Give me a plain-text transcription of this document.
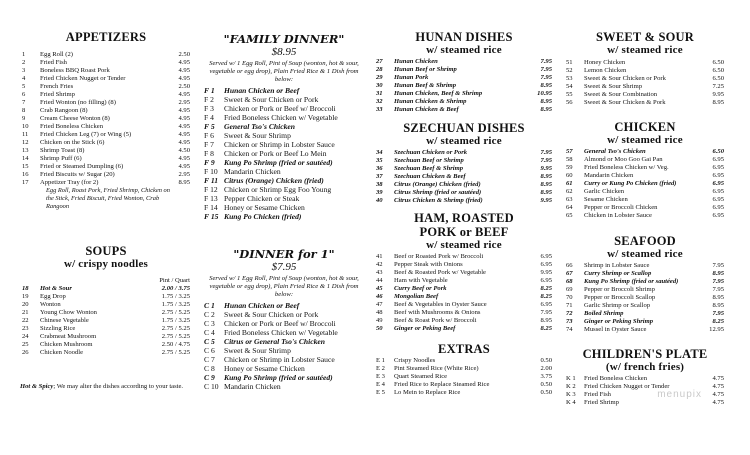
APPETIZERS
1	Egg Roll (2)	2.50
2	Fried Fish	4.95
3	Boneless BBQ Roast Pork	4.95
4	Fried Chicken Nugget or Tender	4.95
5	French Fries	2.50
6	Fried Shrimp	4.95
7	Fried Wonton (no filling) (8)	2.95
8	Crab Rangoon (8)	4.95
9	Cream Cheese Wonton (8)	4.95
10	Fried Boneless Chicken	4.95
11	Fried Chicken Leg (7) or Wing (5)	4.95
12	Chicken on the Stick (6)	4.95
13	Shrimp Toast (8)	4.50
14	Shrimp Puff (6)	4.95
15	Fried or Steamed Dumpling (6)	4.95
16	Fried Biscuits w/ Sugar (20)	2.95
17	Appetizer Tray (for 2)	8.95
Egg Roll, Roast Pork, Fried Shrimp, Chicken on the Stick, Fried Biscuit, Fried Wonton, Crab Rangoon
SOUPS
w/ crispy noodles
Pint / Quart
18	Hot & Sour	2.00 / 3.75
19	Egg Drop	1.75 / 3.25
20	Wonton	1.75 / 3.25
21	Young Chow Wonton	2.75 / 5.25
22	Chinese Vegetable	1.75 / 3.25
23	Sizzling Rice	2.75 / 5.25
24	Crabmeat Mushroom	2.75 / 5.25
25	Chicken Mushroom	2.50 / 4.75
26	Chicken Noodle	2.75 / 5.25
Hot & Spicy ; We may alter the dishes according to your taste.
"FAMILY DINNER"
$8.95
Served w/ 1 Egg Roll, Pint of Soup (wonton, hot & sour, vegetable or egg drop), Plain Fried Rice & 1 Dish from below:
F 1	Hunan Chicken or Beef
F 2	Sweet & Sour Chicken or Pork
F 3	Chicken or Pork or Beef w/ Broccoli
F 4	Fried Boneless Chicken w/ Vegetable
F 5	General Tso's Chicken
F 6	Sweet & Sour Shrimp
F 7	Chicken or Shrimp in Lobster Sauce
F 8	Chicken or Pork or Beef Lo Mein
F 9	Kung Po Shrimp (fried or sautéed)
F 10 Mandarin Chicken
F 11 Citrus (Orange) Chicken (fried)
F 12 Chicken or Shrimp Egg Foo Young
F 13 Pepper Chicken or Steak
F 14 Honey or Sesame Chicken
F 15 Kung Po Chicken (fried)
"DINNER for 1"
$7.95
Served w/ 1 Egg Roll, Pint of Soup (wonton, hot & sour, vegetable or egg drop), Plain Fried Rice & 1 Dish from below:
C 1	Hunan Chicken or Beef
C 2	Sweet & Sour Chicken or Pork
C 3	Chicken or Pork or Beef w/ Broccoli
C 4	Fried Boneless Chicken w/ Vegetable
C 5	Citrus or General Tso's Chicken
C 6	Sweet & Sour Shrimp
C 7	Chicken or Shrimp in Lobster Sauce
C 8	Honey or Sesame Chicken
C 9	Kung Po Shrimp (fried or sautéed)
C 10 Mandarin Chicken
HUNAN DISHES
w/ steamed rice
27	Hunan Chicken	7.95
28	Hunan Beef or Shrimp	7.95
29	Hunan Pork	7.95
30	Hunan Beef & Shrimp	8.95
31	Hunan Chicken, Beef & Shrimp	10.95
32	Hunan Chicken & Shrimp	8.95
33	Hunan Chicken & Beef	8.95
SZECHUAN DISHES
w/ steamed rice
34	Szechuan Chicken or Pork	7.95
35	Szechuan Beef or Shrimp	7.95
36	Szechuan Beef & Shrimp	9.95
37	Szechuan Chicken & Beef	8.95
38	Citrus (Orange) Chicken (fried)	8.95
39	Citrus Shrimp (fried or sautéed)	8.95
40	Citrus Chicken & Shrimp (fried)	9.95
HAM, ROASTED
PORK or BEEF
w/ steamed rice
41	Beef or Roasted Pork w/ Broccoli	6.95
42	Pepper Steak with Onions	6.95
43	Beef & Roasted Pork w/ Vegetable	9.95
44	Ham with Vegetable	6.95
45	Curry Beef or Pork	8.25
46	Mongolian Beef	8.25
47	Beef & Vegetables in Oyster Sauce	6.95
48	Beef with Mushrooms & Onions	7.95
49	Beef & Roast Pork w/ Broccoli	8.95
50	Ginger or Peking Beef	8.25
EXTRAS
E 1	Crispy Noodles	0.50
E 2	Pint Steamed Rice (White Rice)	2.00
E 3	Quart Steamed Rice	3.75
E 4	Fried Rice to Replace Steamed Rice	0.50
E 5	Lo Mein to Replace Rice	0.50
SWEET & SOUR
w/ steamed rice
51	Honey Chicken	6.50
52	Lemon Chicken	6.50
53	Sweet & Sour Chicken or Pork	6.50
54	Sweet & Sour Shrimp	7.25
55	Sweet & Sour Combination	9.95
56	Sweet & Sour Chicken & Pork	8.95
CHICKEN
w/ steamed rice
57	General Tso's Chicken	6.50
58	Almond or Moo Goo Gai Pan	6.95
59	Fried Boneless Chicken w/ Veg.	6.95
60	Mandarin Chicken	6.95
61	Curry or Kung Po Chicken (fried)	6.95
62	Garlic Chicken	6.95
63	Sesame Chicken	6.95
64	Pepper or Broccoli Chicken	6.95
65	Chicken in Lobster Sauce	6.95
SEAFOOD
w/ steamed rice
66	Shrimp in Lobster Sauce	7.95
67	Curry Shrimp or Scallop	8.95
68	Kung Po Shrimp (fried or sautéed)	7.95
69	Pepper or Broccoli Shrimp	7.95
70	Pepper or Broccoli Scallop	8.95
71	Garlic Shrimp or Scallop	8.95
72	Boiled Shrimp	7.95
73	Ginger or Peking Shrimp	8.25
74	Mussel in Oyster Sauce	12.95
CHILDREN'S PLATE
(w/ french fries)
K 1	Fried Boneless Chicken	4.75
K 2	Fried Chicken Nugget or Tender	4.75
K 3	Fried Fish	4.75
K 4	Fried Shrimp	4.75
menupix
